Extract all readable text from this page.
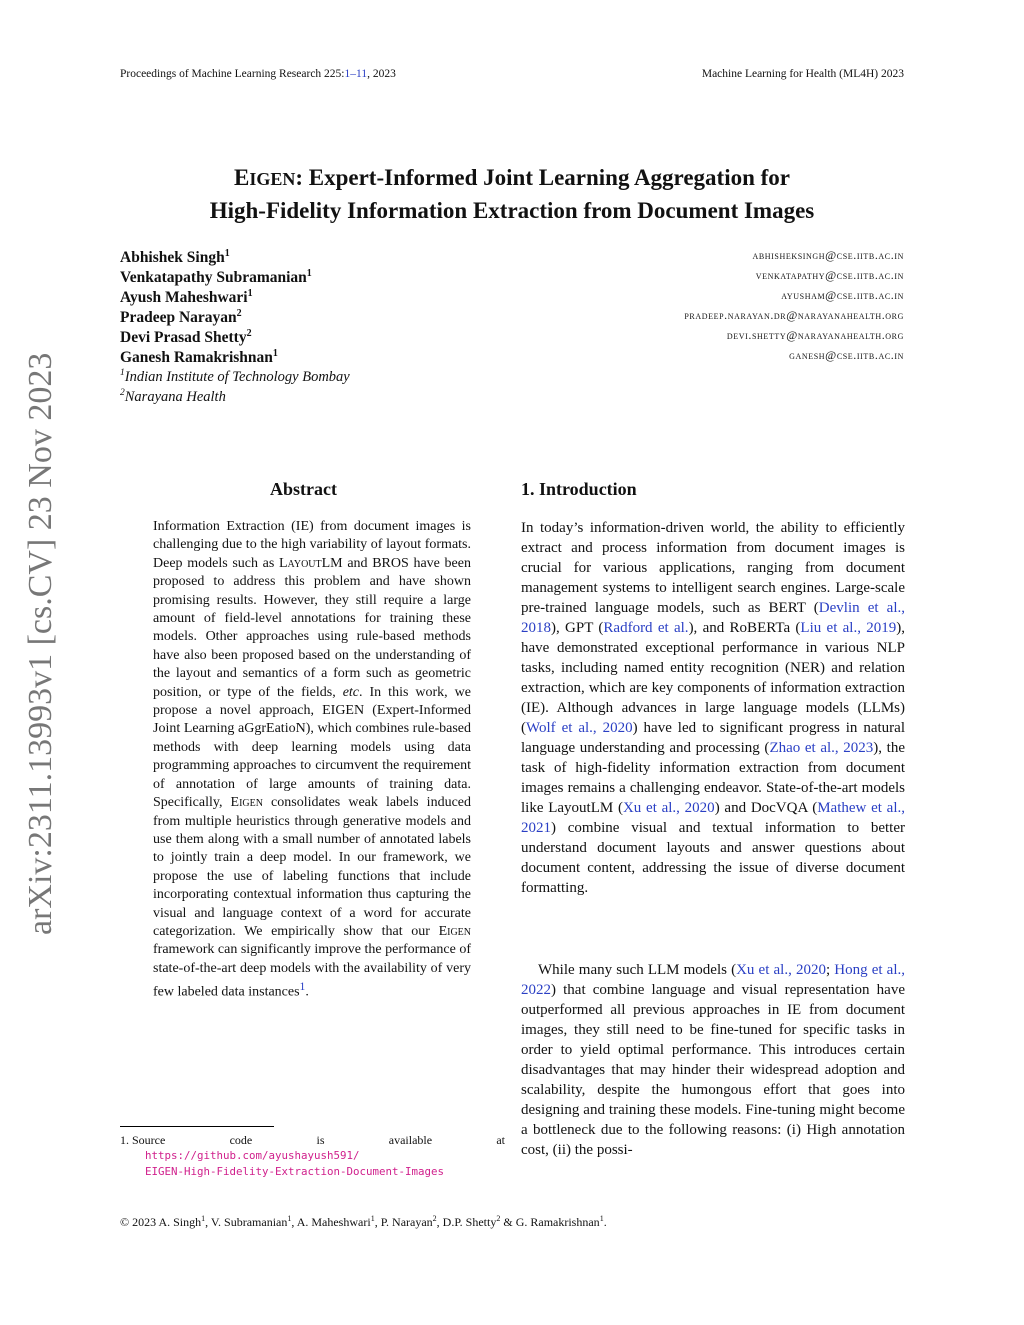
Proceedings of Machine Learning Research 225:1–11, 2023	Machine Learning for Health (ML4H) 2023
arXiv:2311.13993v1 [cs.CV] 23 Nov 2023
EIGEN: Expert-Informed Joint Learning Aggregation for
High-Fidelity Information Extraction from Document Images
Abhishek Singh$^1$	abhisheksingh@cse.iitb.ac.in
Venkatapathy Subramanian$^1$	venkatapathy@cse.iitb.ac.in
Ayush Maheshwari$^1$	ayusham@cse.iitb.ac.in
Pradeep Narayan$^2$	pradeep.narayan.dr@narayanahealth.org
Devi Prasad Shetty$^2$	devi.shetty@narayanahealth.org
Ganesh Ramakrishnan$^1$	ganesh@cse.iitb.ac.in
$^1$Indian Institute of Technology Bombay
$^2$Narayana Health
Abstract
Information Extraction (IE) from document images is challenging due to the high variability of layout formats. Deep models such as LayoutLM and BROS have been proposed to address this problem and have shown promising results. However, they still require a large amount of field-level annotations for training these models. Other approaches using rule-based methods have also been proposed based on the understanding of the layout and semantics of a form such as geometric position, or type of the fields, etc. In this work, we propose a novel approach, EIGEN (Expert-Informed Joint Learning aGgrEatioN), which combines rule-based methods with deep learning models using data programming approaches to circumvent the requirement of annotation of large amounts of training data. Specifically, Eigen consolidates weak labels induced from multiple heuristics through generative models and use them along with a small number of annotated labels to jointly train a deep model. In our framework, we propose the use of labeling functions that include incorporating contextual information thus capturing the visual and language context of a word for accurate categorization. We empirically show that our Eigen framework can significantly improve the performance of state-of-the-art deep models with the availability of very few labeled data instances$^1$.
1. Introduction
In today’s information-driven world, the ability to efficiently extract and process information from document images is crucial for various applications, ranging from document management systems to intelligent search engines. Large-scale pre-trained language models, such as BERT (Devlin et al., 2018), GPT (Radford et al.), and RoBERTa (Liu et al., 2019), have demonstrated exceptional performance in various NLP tasks, including named entity recognition (NER) and relation extraction, which are key components of information extraction (IE). Although advances in large language models (LLMs) (Wolf et al., 2020) have led to significant progress in natural language understanding and processing (Zhao et al., 2023), the task of high-fidelity information extraction from document images remains a challenging endeavor. State-of-the-art models like LayoutLM (Xu et al., 2020) and DocVQA (Mathew et al., 2021) combine visual and textual information to better understand document layouts and answer questions about document content, addressing the issue of diverse document formatting.
While many such LLM models (Xu et al., 2020; Hong et al., 2022) that combine language and visual representation have outperformed all previous approaches in IE from document images, they still need to be fine-tuned for specific tasks in order to yield optimal performance. This introduces certain disadvantages that may hinder their widespread adoption and scalability, despite the humongous effort that goes into designing and training these models. Fine-tuning might become a bottleneck due to the following reasons: (i) High annotation cost, (ii) the possi-
1. Source	code	is	available	at
https://github.com/ayushayush591/
EIGEN-High-Fidelity-Extraction-Document-Images
© 2023 A. Singh$^1$, V. Subramanian$^1$, A. Maheshwari$^1$, P. Narayan$^2$, D.P. Shetty$^2$ & G. Ramakrishnan$^1$.
